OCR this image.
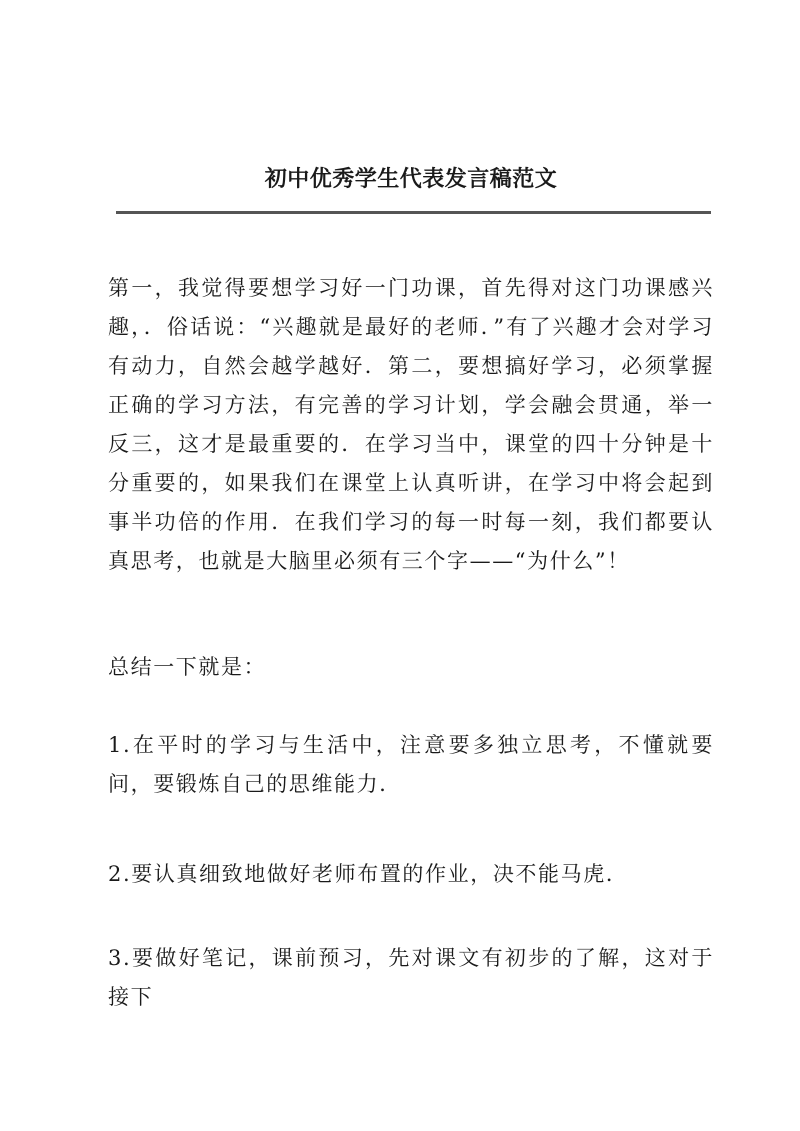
初中优秀学生代表发言稿范文

第一，我觉得要想学习好一门功课，首先得对这门功课感兴趣，．俗话说：“兴趣就是最好的老师．”有了兴趣才会对学习有动力，自然会越学越好．第二，要想搞好学习，必须掌握正确的学习方法，有完善的学习计划，学会融会贯通，举一反三，这才是最重要的．在学习当中，课堂的四十分钟是十分重要的，如果我们在课堂上认真听讲，在学习中将会起到事半功倍的作用．在我们学习的每一时每一刻，我们都要认真思考，也就是大脑里必须有三个字——“为什么”！

总结一下就是：

1.在平时的学习与生活中，注意要多独立思考，不懂就要问，要锻炼自己的思维能力．

2.要认真细致地做好老师布置的作业，决不能马虎．

3.要做好笔记，课前预习，先对课文有初步的了解，这对于接下
